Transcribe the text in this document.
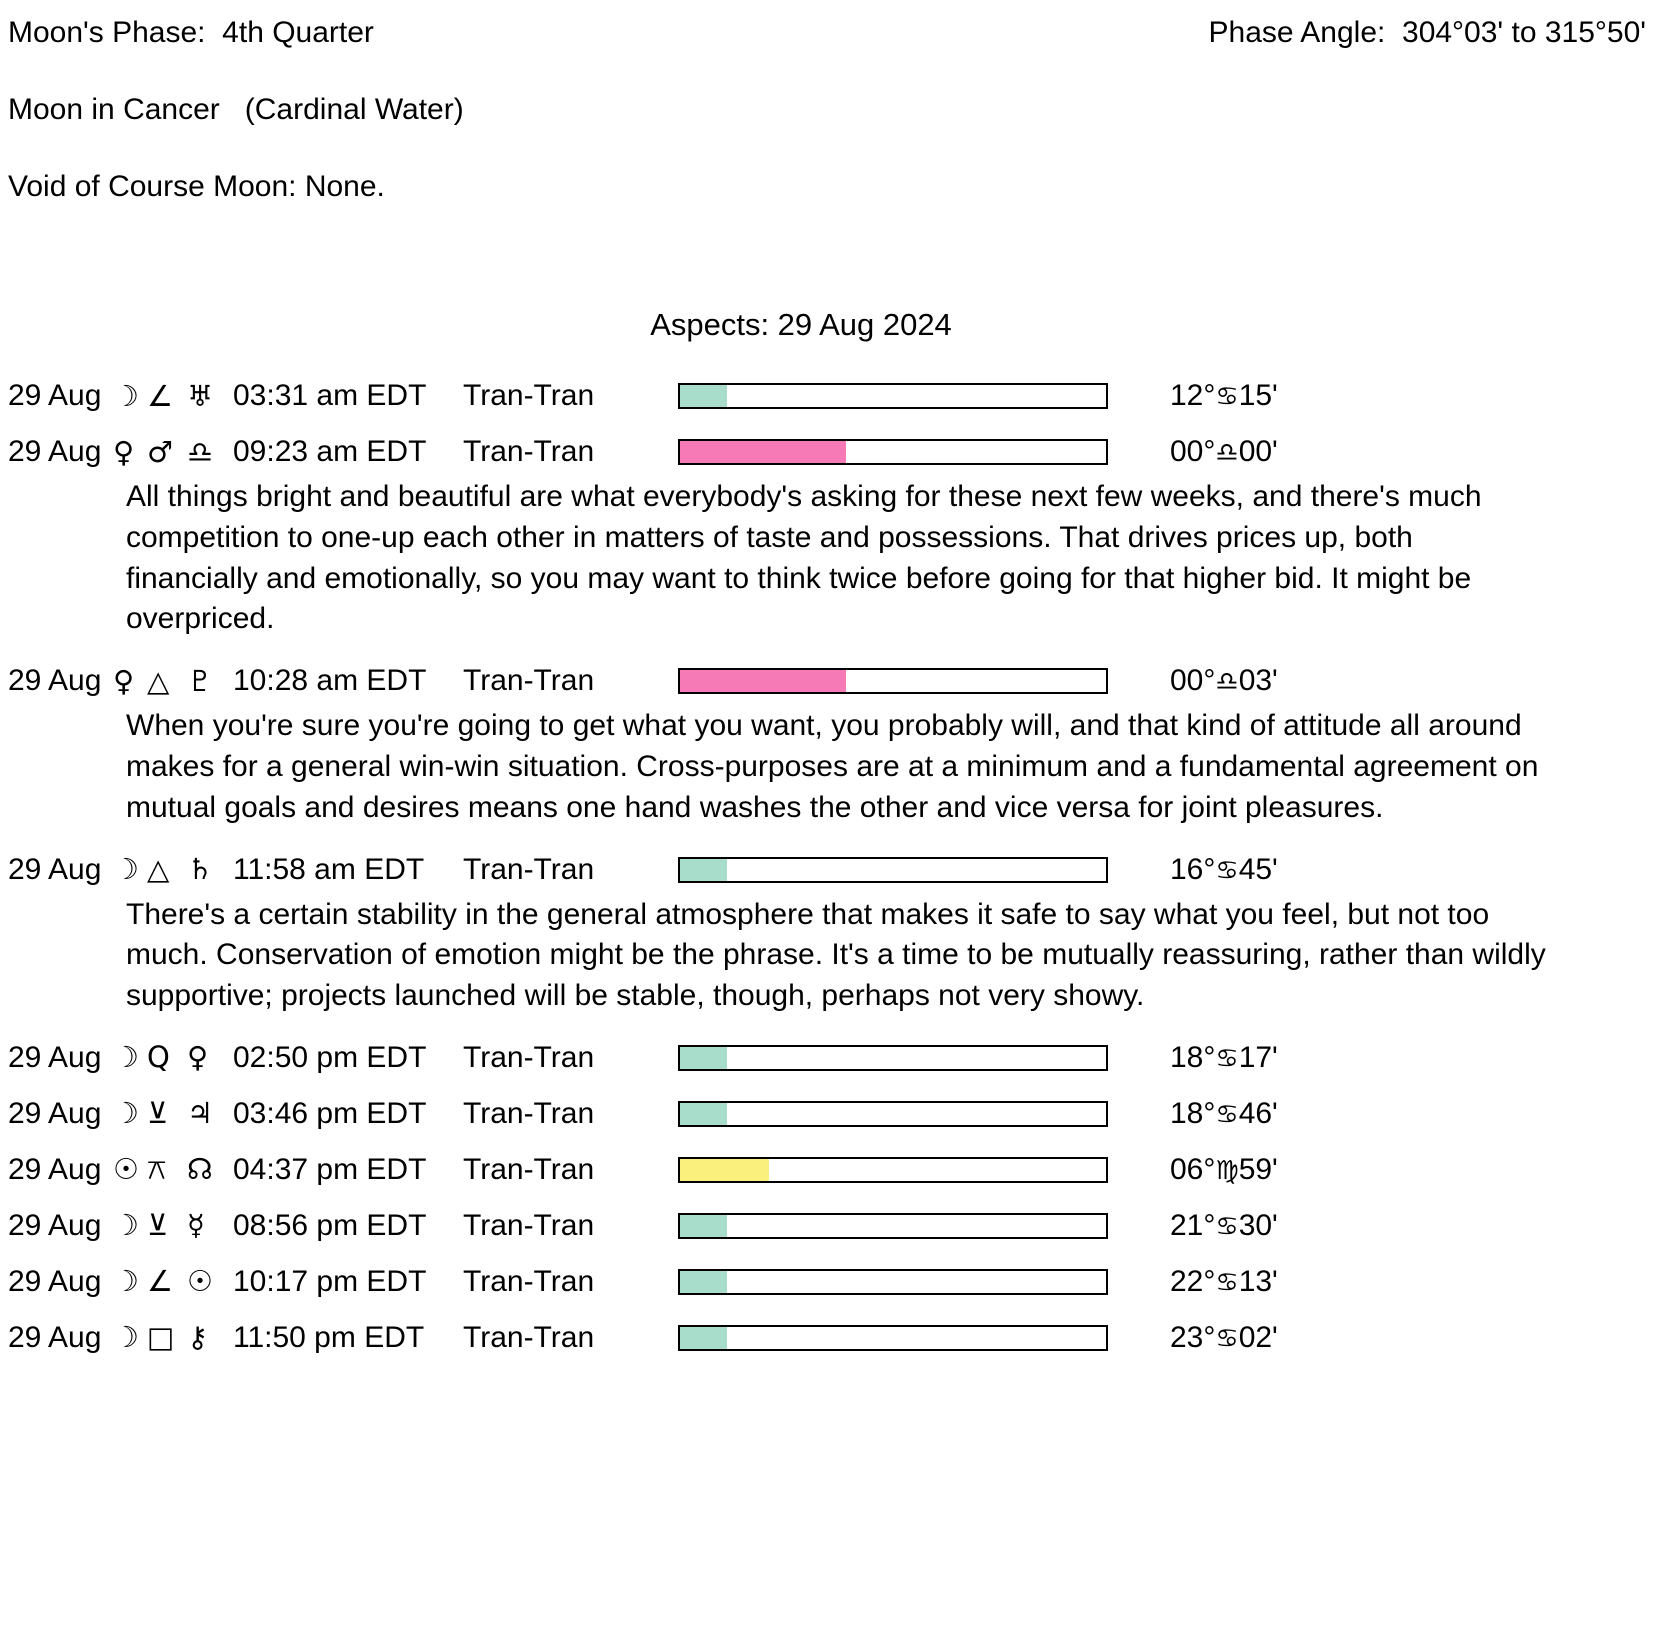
Moon's Phase:  4th Quarter	Phase Angle:  304°03' to 315°50'
Moon in Cancer   (Cardinal Water)
Void of Course Moon: None.
Aspects: 29 Aug 2024
29 Aug ☽ ∠ ♅ 03:31 am EDT	Tran-Tran	12°♋15'
29 Aug ♀ ♂ ♎ 09:23 am EDT	Tran-Tran	00°♎00'
All things bright and beautiful are what everybody's asking for these next few weeks, and there's much competition to one-up each other in matters of taste and possessions. That drives prices up, both financially and emotionally, so you may want to think twice before going for that higher bid. It might be overpriced.
29 Aug ♀ △ ♇ 10:28 am EDT	Tran-Tran	00°♎03'
When you're sure you're going to get what you want, you probably will, and that kind of attitude all around makes for a general win-win situation. Cross-purposes are at a minimum and a fundamental agreement on mutual goals and desires means one hand washes the other and vice versa for joint pleasures.
29 Aug ☽ △ ♄ 11:58 am EDT	Tran-Tran	16°♋45'
There's a certain stability in the general atmosphere that makes it safe to say what you feel, but not too much. Conservation of emotion might be the phrase. It's a time to be mutually reassuring, rather than wildly supportive; projects launched will be stable, though, perhaps not very showy.
29 Aug ☽ Q ♀ 02:50 pm EDT	Tran-Tran	18°♋17'
29 Aug ☽ ⊻ ♃ 03:46 pm EDT	Tran-Tran	18°♋46'
29 Aug ☉ ⚻ ☊ 04:37 pm EDT	Tran-Tran	06°♍59'
29 Aug ☽ ⊻ ☿ 08:56 pm EDT	Tran-Tran	21°♋30'
29 Aug ☽ ∠ ☉ 10:17 pm EDT	Tran-Tran	22°♋13'
29 Aug ☽ □ ⚷ 11:50 pm EDT	Tran-Tran	23°♋02'
